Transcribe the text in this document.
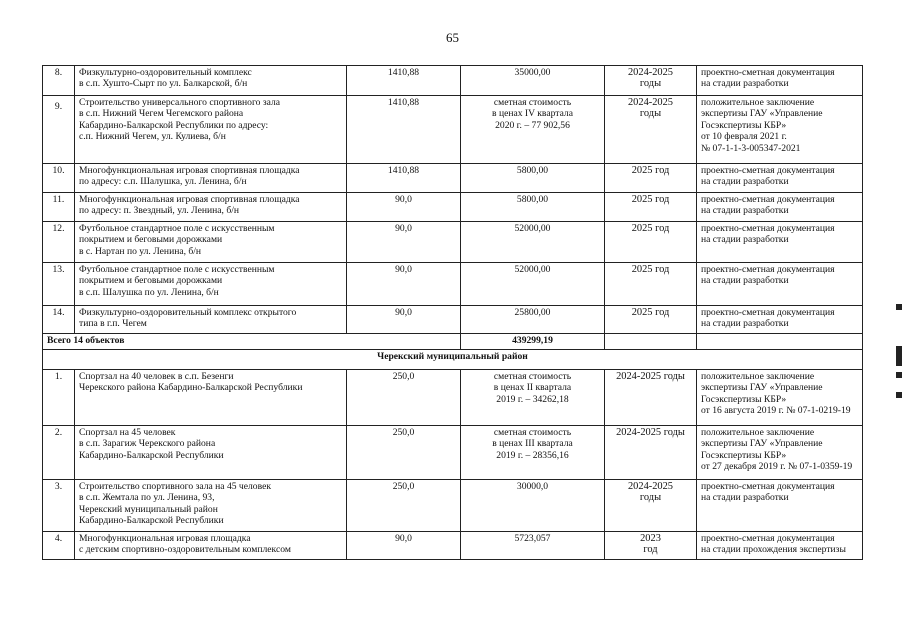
65
8.	Физкультурно-оздоровительный комплекс
в с.п. Хушто-Сырт по ул. Балкарской, б/н	1410,88	35000,00	2024-2025
годы	проектно-сметная документация
на стадии разработки
9.	Строительство универсального спортивного зала
в с.п. Нижний Чегем Чегемского района
Кабардино-Балкарской Республики по адресу:
с.п. Нижний Чегем, ул. Кулиева, б/н	1410,88	сметная стоимость
в ценах IV квартала
2020 г. – 77 902,56	2024-2025
годы	положительное заключение
экспертизы ГАУ «Управление
Госэкспертизы КБР»
от 10 февраля 2021 г.
№ 07-1-1-3-005347-2021
10.	Многофункциональная игровая спортивная площадка
по адресу: с.п. Шалушка, ул. Ленина, б/н	1410,88	5800,00	2025 год	проектно-сметная документация
на стадии разработки
11.	Многофункциональная игровая спортивная площадка
по адресу: п. Звездный, ул. Ленина, б/н	90,0	5800,00	2025 год	проектно-сметная документация
на стадии разработки
12.	Футбольное стандартное поле с искусственным
покрытием и беговыми дорожками
в с. Нартан по ул. Ленина, б/н	90,0	52000,00	2025 год	проектно-сметная документация
на стадии разработки
13.	Футбольное стандартное поле с искусственным
покрытием и беговыми дорожками
в с.п. Шалушка по ул. Ленина, б/н	90,0	52000,00	2025 год	проектно-сметная документация
на стадии разработки
14.	Физкультурно-оздоровительный комплекс открытого
типа в г.п. Чегем	90,0	25800,00	2025 год	проектно-сметная документация
на стадии разработки
Всего 14 объектов			439299,19		
Черекский муниципальный район					
1.	Спортзал на 40 человек в с.п. Безенги
Черекского района Кабардино-Балкарской Республики	250,0	сметная стоимость
в ценах II квартала
2019 г. – 34262,18	2024-2025 годы	положительное заключение
экспертизы ГАУ «Управление
Госэкспертизы КБР»
от 16 августа 2019 г. № 07-1-0219-19
2.	Спортзал на 45 человек
в с.п. Зарагиж Черекского района
Кабардино-Балкарской Республики	250,0	сметная стоимость
в ценах III квартала
2019 г. – 28356,16	2024-2025 годы	положительное заключение
экспертизы ГАУ «Управление
Госэкспертизы КБР»
от 27 декабря 2019 г. № 07-1-0359-19
3.	Строительство спортивного зала на 45 человек
в с.п. Жемтала по ул. Ленина, 93,
Черекский муниципальный район
Кабардино-Балкарской Республики	250,0	30000,0	2024-2025
годы	проектно-сметная документация
на стадии разработки
4.	Многофункциональная игровая площадка
с детским спортивно-оздоровительным комплексом	90,0	5723,057	2023
год	проектно-сметная документация
на стадии прохождения экспертизы
